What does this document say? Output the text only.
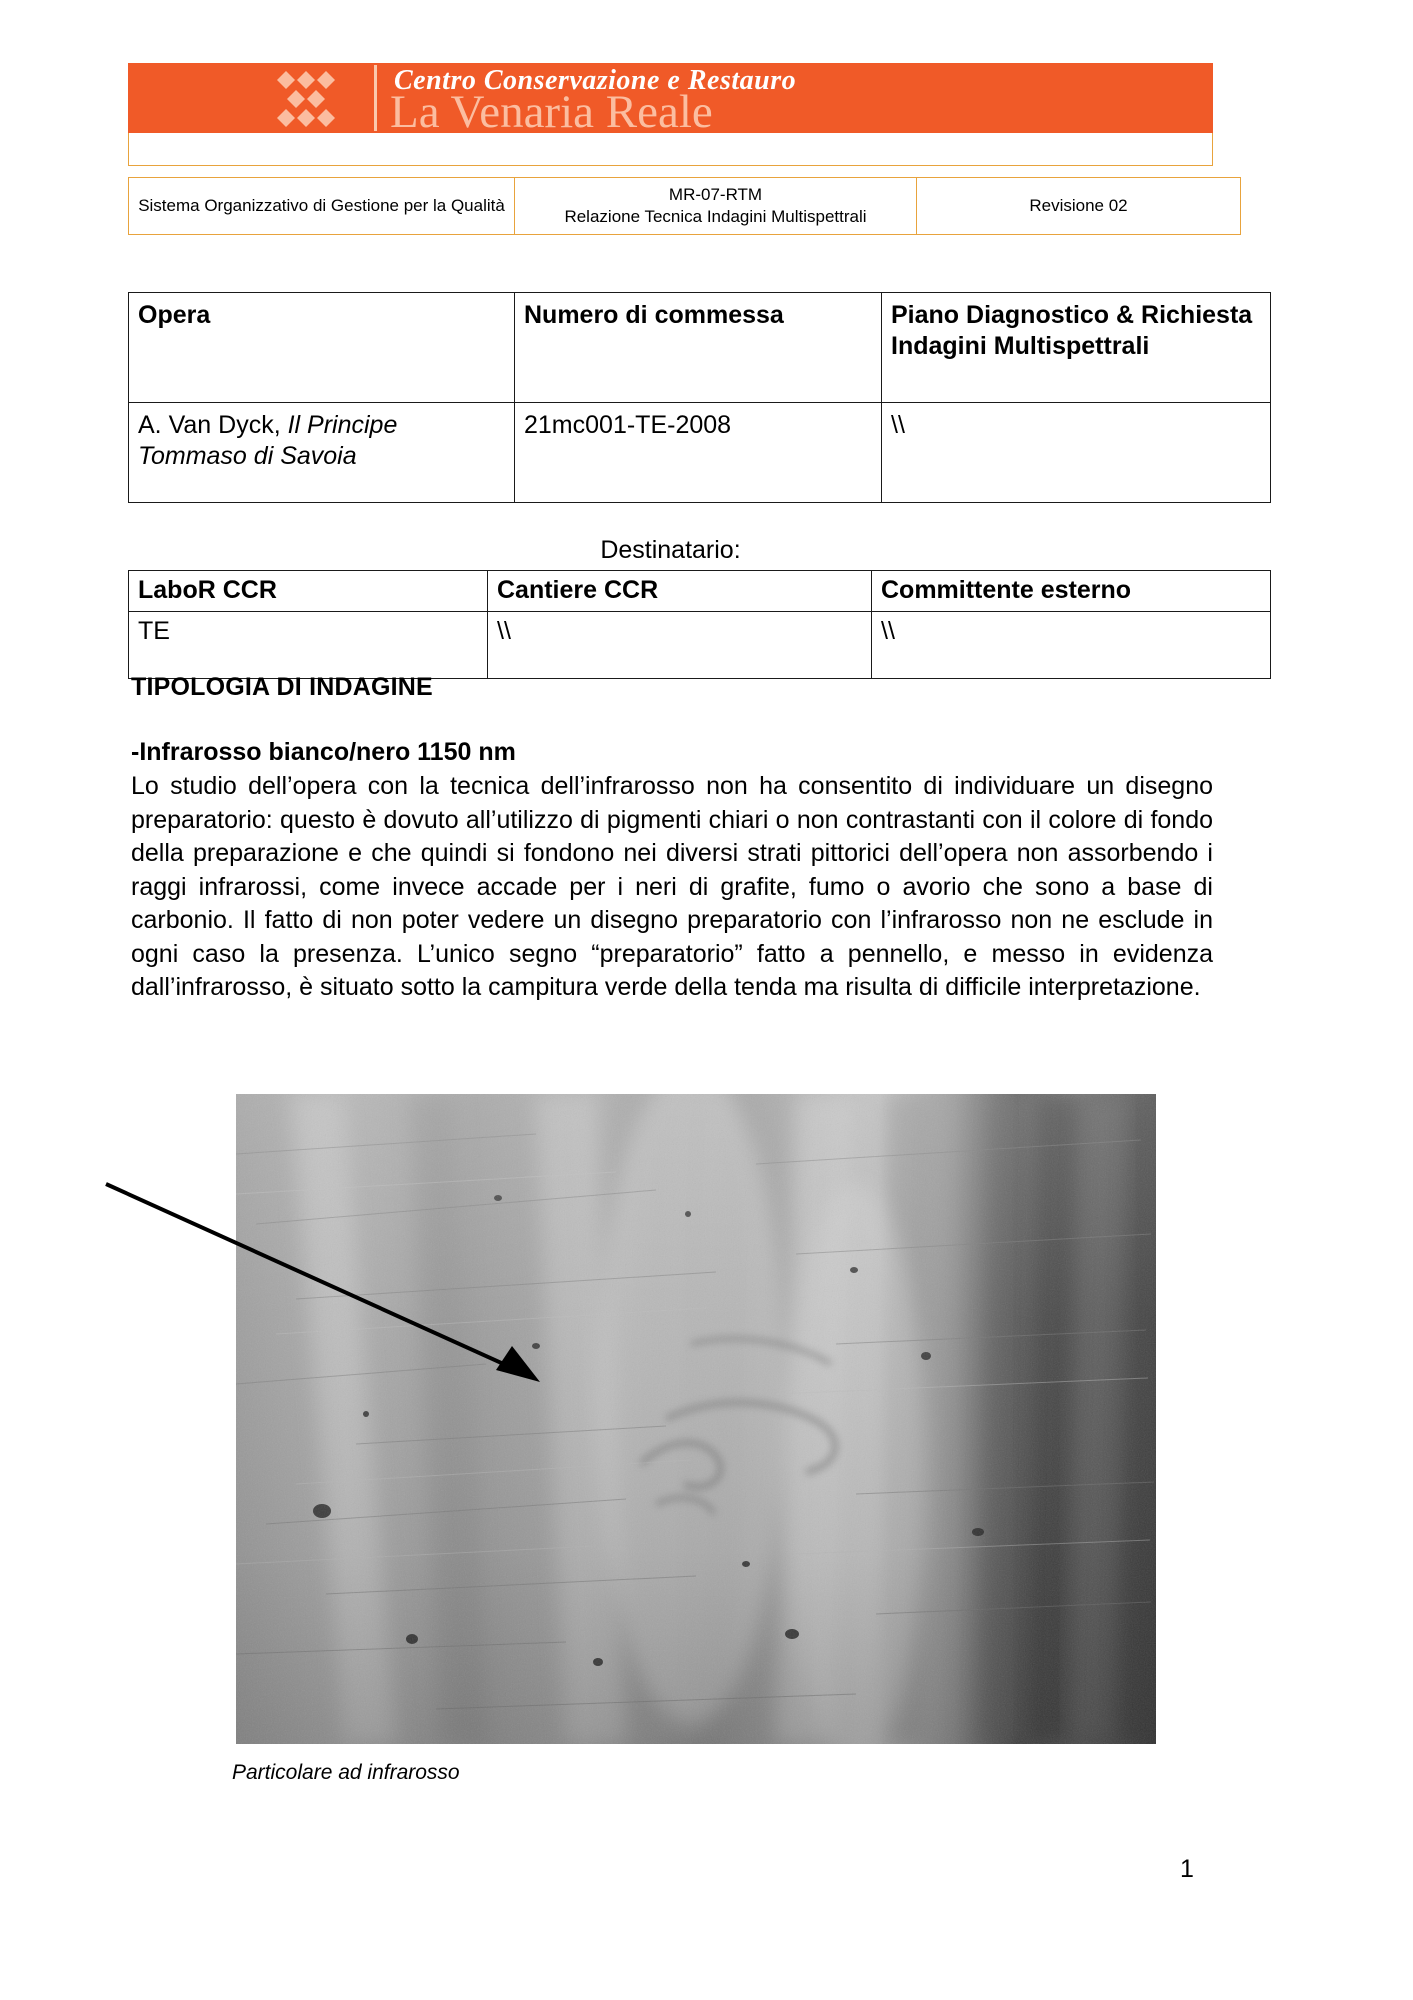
Centro Conservazione e Restauro
La Venaria Reale
Sistema Organizzativo di Gestione per la Qualità	
MR-07-RTM
Relazione Tecnica Indagini Multispettrali
	Revisione 02
Opera	Numero di commessa	Piano Diagnostico & Richiesta Indagini Multispettrali
A. Van Dyck, Il Principe Tommaso di Savoia	21mc001-TE-2008	\\
Destinatario:
LaboR CCR	Cantiere CCR	Committente esterno
TE	\\	\\
TIPOLOGIA DI INDAGINE
-Infrarosso bianco/nero 1150 nm
Lo studio dell’opera con la tecnica dell’infrarosso non ha consentito di individuare un disegno preparatorio: questo è dovuto all’utilizzo di pigmenti chiari o non contrastanti con il colore di fondo della preparazione e che quindi si fondono nei diversi strati pittorici dell’opera non assorbendo i raggi infrarossi, come invece accade per i neri di grafite, fumo o avorio che sono a base di carbonio. Il fatto di non poter vedere un disegno preparatorio con l’infrarosso non ne esclude in ogni caso la presenza. L’unico segno “preparatorio” fatto a pennello, e messo in evidenza dall’infrarosso, è situato sotto la campitura verde della tenda ma risulta di difficile interpretazione.
Particolare ad infrarosso
1
